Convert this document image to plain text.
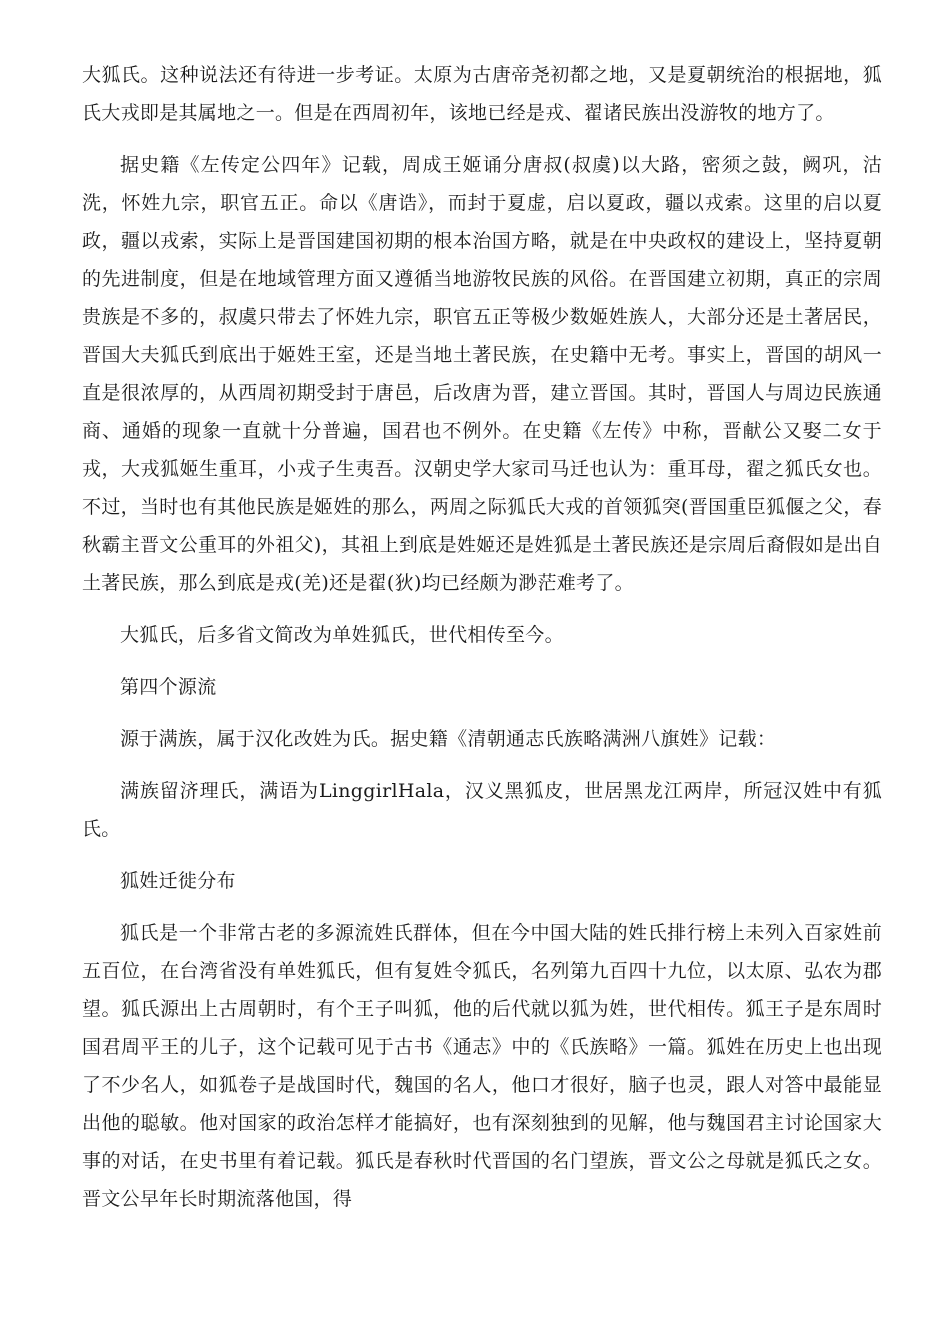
大狐氏。这种说法还有待进一步考证。太原为古唐帝尧初都之地，又是夏朝统治的根据地，狐氏大戎即是其属地之一。但是在西周初年，该地已经是戎、翟诸民族出没游牧的地方了。

据史籍《左传定公四年》记载，周成王姬诵分唐叔(叔虞)以大路，密须之鼓，阙巩，沽洗，怀姓九宗，职官五正。命以《唐诰》，而封于夏虚，启以夏政，疆以戎索。这里的启以夏政，疆以戎索，实际上是晋国建国初期的根本治国方略，就是在中央政权的建设上，坚持夏朝的先进制度，但是在地域管理方面又遵循当地游牧民族的风俗。在晋国建立初期，真正的宗周贵族是不多的，叔虞只带去了怀姓九宗，职官五正等极少数姬姓族人，大部分还是土著居民，晋国大夫狐氏到底出于姬姓王室，还是当地土著民族，在史籍中无考。事实上，晋国的胡风一直是很浓厚的，从西周初期受封于唐邑，后改唐为晋，建立晋国。其时，晋国人与周边民族通商、通婚的现象一直就十分普遍，国君也不例外。在史籍《左传》中称，晋献公又娶二女于戎，大戎狐姬生重耳，小戎子生夷吾。汉朝史学大家司马迁也认为：重耳母，翟之狐氏女也。不过，当时也有其他民族是姬姓的那么，两周之际狐氏大戎的首领狐突(晋国重臣狐偃之父，春秋霸主晋文公重耳的外祖父)，其祖上到底是姓姬还是姓狐是土著民族还是宗周后裔假如是出自土著民族，那么到底是戎(羌)还是翟(狄)均已经颇为渺茫难考了。

大狐氏，后多省文简改为单姓狐氏，世代相传至今。

第四个源流

源于满族，属于汉化改姓为氏。据史籍《清朝通志氏族略满洲八旗姓》记载：

满族留济理氏，满语为LinggirlHala，汉义黑狐皮，世居黑龙江两岸，所冠汉姓中有狐氏。

狐姓迁徙分布

狐氏是一个非常古老的多源流姓氏群体，但在今中国大陆的姓氏排行榜上未列入百家姓前五百位，在台湾省没有单姓狐氏，但有复姓令狐氏，名列第九百四十九位，以太原、弘农为郡望。狐氏源出上古周朝时，有个王子叫狐，他的后代就以狐为姓，世代相传。狐王子是东周时国君周平王的儿子，这个记载可见于古书《通志》中的《氏族略》一篇。狐姓在历史上也出现了不少名人，如狐卷子是战国时代，魏国的名人，他口才很好，脑子也灵，跟人对答中最能显出他的聪敏。他对国家的政治怎样才能搞好，也有深刻独到的见解，他与魏国君主讨论国家大事的对话，在史书里有着记载。狐氏是春秋时代晋国的名门望族，晋文公之母就是狐氏之女。晋文公早年长时期流落他国，得
